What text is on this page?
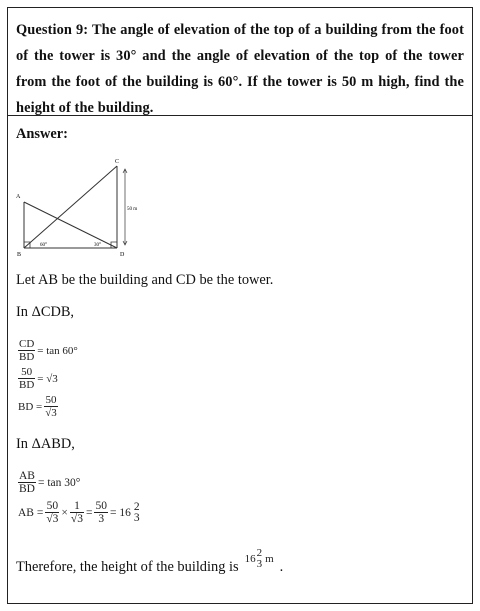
Question 9: The angle of elevation of the top of a building from the foot of the tower is 30° and the angle of elevation of the top of the tower from the foot of the building is 60°. If the tower is 50 m high, find the height of the building.

Answer:
A
B
C
D
50 m
60°	30°
Let AB be the building and CD be the tower.
In ΔCDB,
$\frac{CD}{BD} = \tan 60^\circ$
$\frac{50}{BD} = √3$
BD = $\frac{50}{√3}$
In ΔABD,
$\frac{AB}{BD} = \tan 30^\circ$
AB = $\frac{50}{√3} \times \frac{1}{√3} = \frac{50}{3} = 16$ 2
3
Therefore, the height of the building is 16 2
3 m .
